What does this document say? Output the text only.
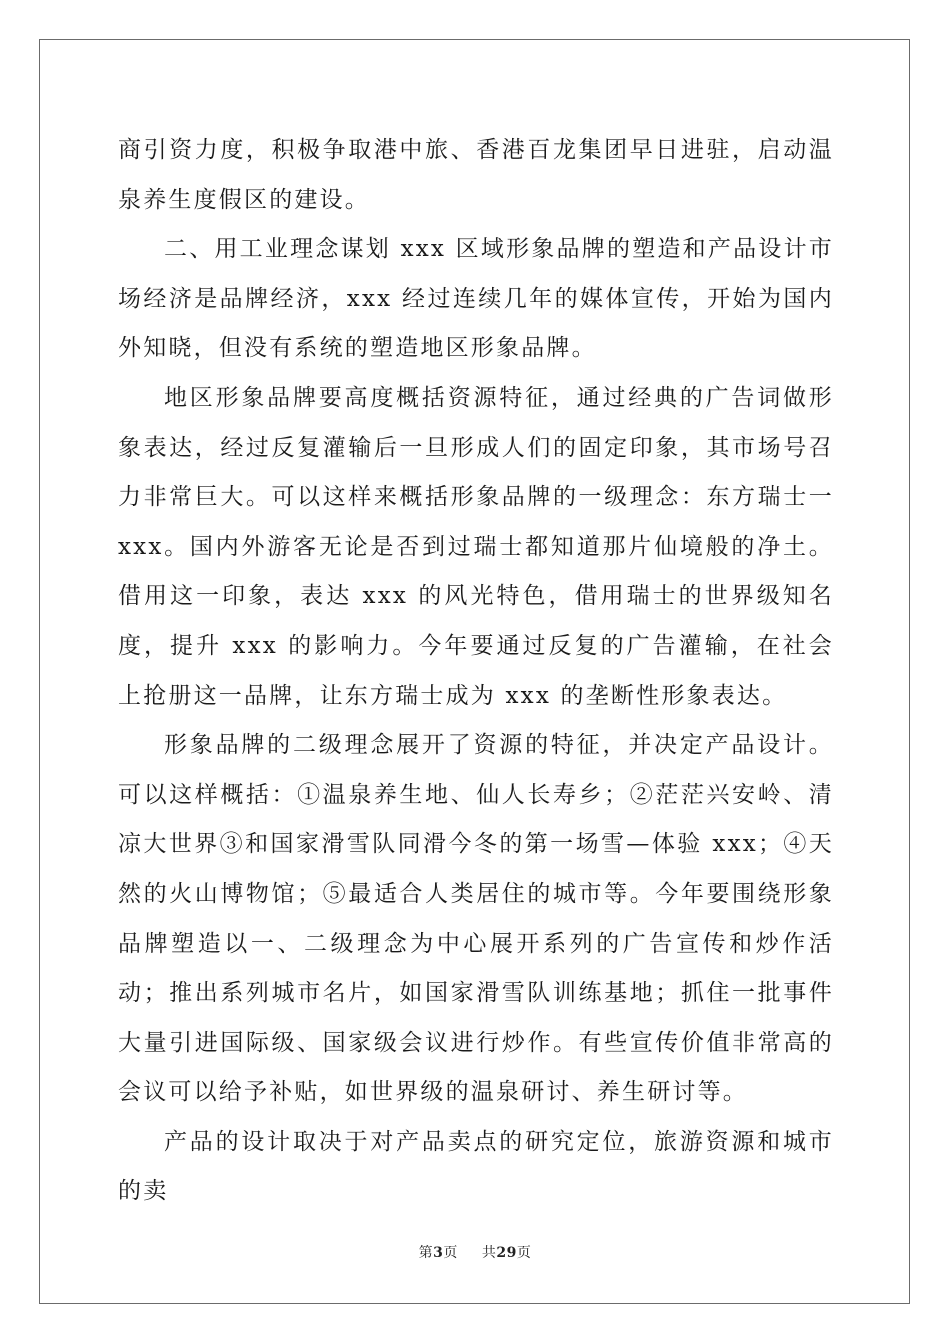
商引资力度，积极争取港中旅、香港百龙集团早日进驻，启动温泉养生度假区的建设。

二、用工业理念谋划 xxx 区域形象品牌的塑造和产品设计市场经济是品牌经济，xxx 经过连续几年的媒体宣传，开始为国内外知晓，但没有系统的塑造地区形象品牌。

地区形象品牌要高度概括资源特征，通过经典的广告词做形象表达，经过反复灌输后一旦形成人们的固定印象，其市场号召力非常巨大。可以这样来概括形象品牌的一级理念：东方瑞士一xxx。国内外游客无论是否到过瑞士都知道那片仙境般的净土。借用这一印象，表达 xxx 的风光特色，借用瑞士的世界级知名度，提升 xxx 的影响力。今年要通过反复的广告灌输，在社会上抢册这一品牌，让东方瑞士成为 xxx 的垄断性形象表达。

形象品牌的二级理念展开了资源的特征，并决定产品设计。可以这样概括：①温泉养生地、仙人长寿乡；②茫茫兴安岭、清凉大世界③和国家滑雪队同滑今冬的第一场雪—体验 xxx；④天然的火山博物馆；⑤最适合人类居住的城市等。今年要围绕形象品牌塑造以一、二级理念为中心展开系列的广告宣传和炒作活动；推出系列城市名片，如国家滑雪队训练基地；抓住一批事件大量引进国际级、国家级会议进行炒作。有些宣传价值非常高的会议可以给予补贴，如世界级的温泉研讨、养生研讨等。

产品的设计取决于对产品卖点的研究定位，旅游资源和城市的卖

第3页 共29页
